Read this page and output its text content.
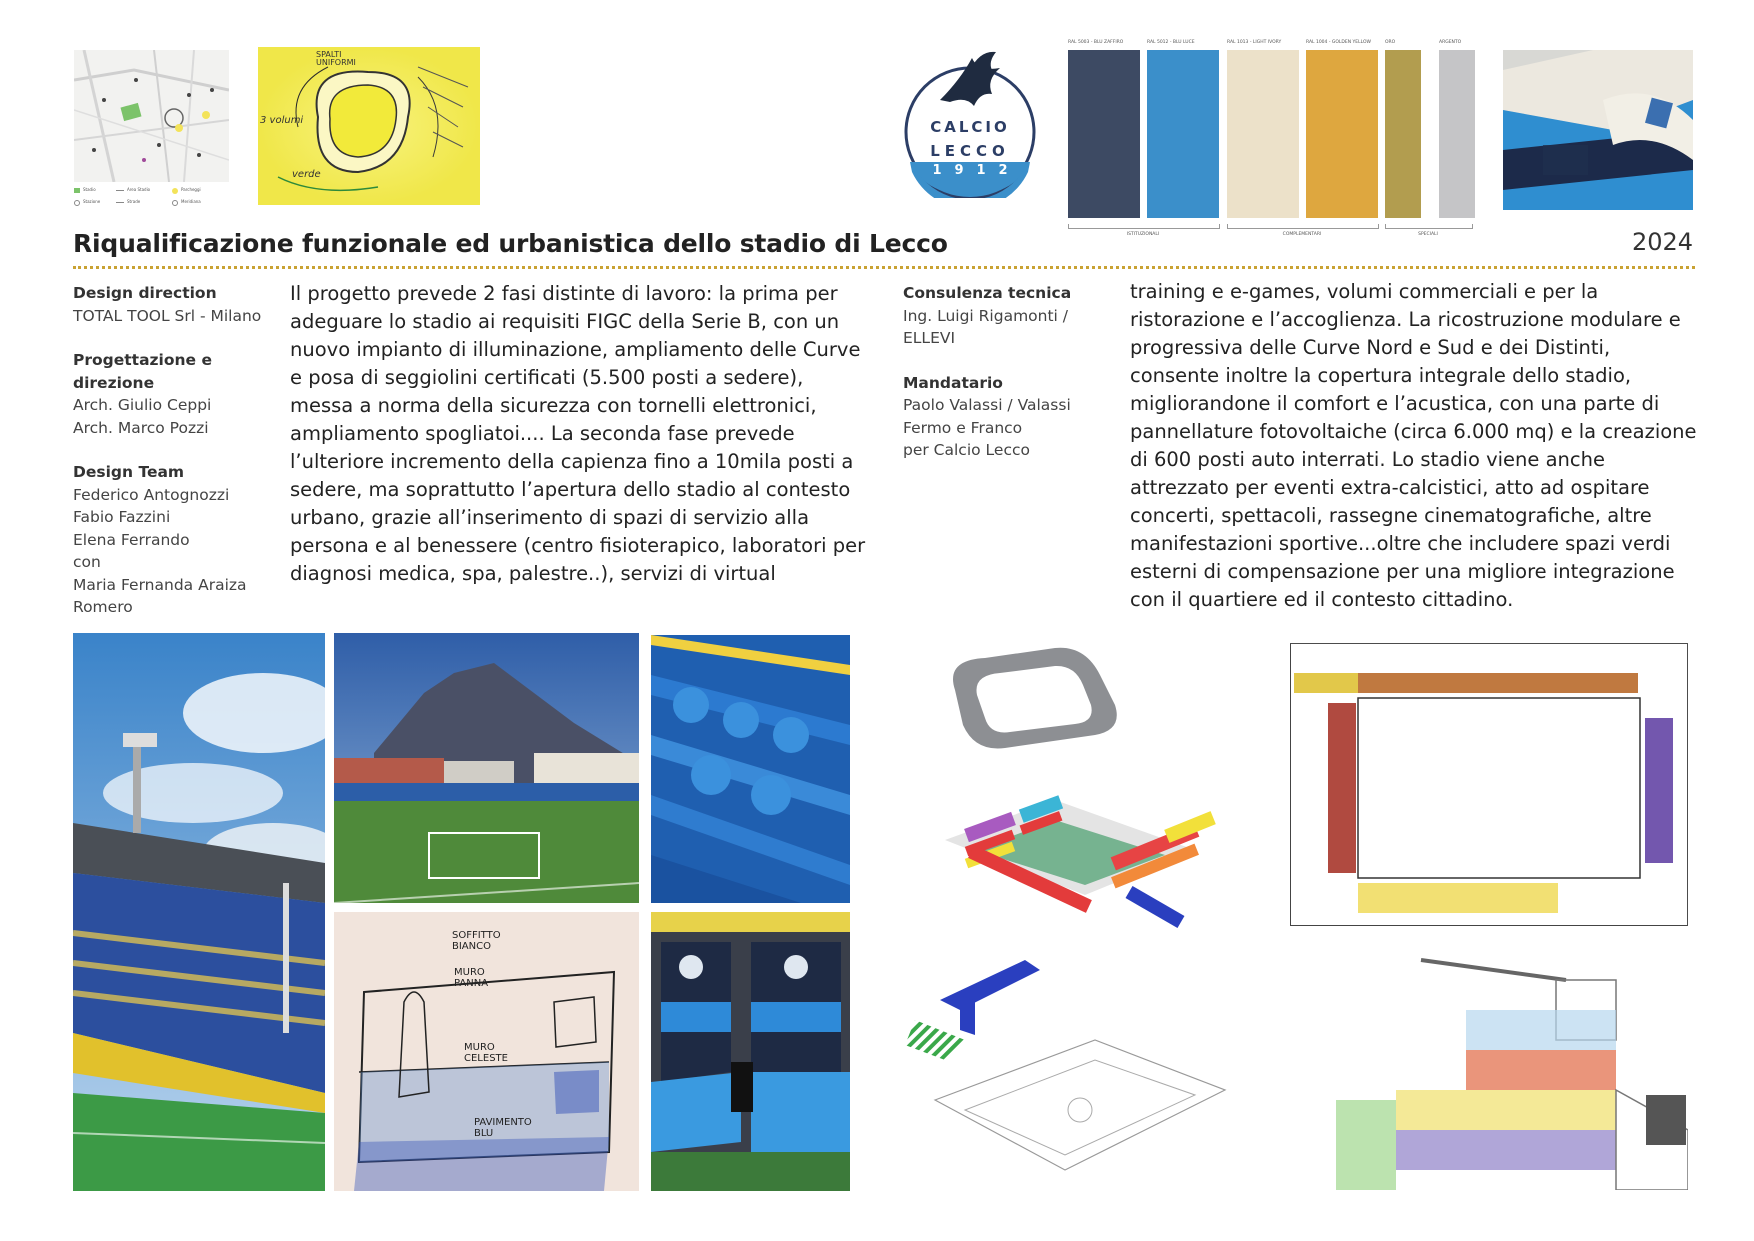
Stadio	Area Stadio	Parcheggi
Stazione	Strade	Meridiana
SPALTI UNIFORMI
3 volumi
verde
CALCIO
LECCO
1 9 1 2
RAL 5003 - BLU ZAFFIRO	RAL 5012 - BLU LUCE	RAL 1013 - LIGHT IVORY	RAL 1004 - GOLDEN YELLOW	ORO	ARGENTO
ISTITUZIONALI	COMPLEMENTARI	SPECIALI
Riqualificazione funzionale ed urbanistica dello stadio di Lecco	2024
Design direction
TOTAL TOOL Srl - Milano
Progettazione e direzione
Arch. Giulio Ceppi
Arch. Marco Pozzi
Design Team
Federico Antognozzi
Fabio Fazzini
Elena Ferrando
con
Maria Fernanda Araiza
Romero

Il progetto prevede 2 fasi distinte di lavoro: la prima per adeguare lo stadio ai requisiti FIGC della Serie B, con un nuovo impianto di illuminazione, ampliamento delle Curve e posa di seggiolini certificati (5.500 posti a sedere), messa a norma della sicurezza con tornelli elettronici, ampliamento spogliatoi.... La seconda fase prevede l’ulteriore incremento della capienza fino a 10mila posti a sedere, ma soprattutto l’apertura dello stadio al contesto urbano, grazie all’inserimento di spazi di servizio alla persona e al benessere (centro fisioterapico, laboratori per diagnosi medica, spa, palestre..), servizi di virtual

Consulenza tecnica
Ing. Luigi Rigamonti /
ELLEVI
Mandatario
Paolo Valassi / Valassi
Fermo e Franco
per Calcio Lecco

training e e-games, volumi commerciali e per la ristorazione e l’accoglienza. La ricostruzione modulare e progressiva delle Curve Nord e Sud e dei Distinti, consente inoltre la copertura integrale dello stadio, migliorandone il comfort e l’acustica, con una parte di pannellature fotovoltaiche (circa 6.000 mq) e la creazione di 600 posti auto interrati. Lo stadio viene anche attrezzato per eventi extra-calcistici, atto ad ospitare concerti, spettacoli, rassegne cinematografiche, altre manifestazioni sportive...oltre che includere spazi verdi esterni di compensazione per una migliore integrazione con il quartiere ed il contesto cittadino.

SOFFITTO BIANCO
MURO PANNA
MURO CELESTE
PAVIMENTO BLU
